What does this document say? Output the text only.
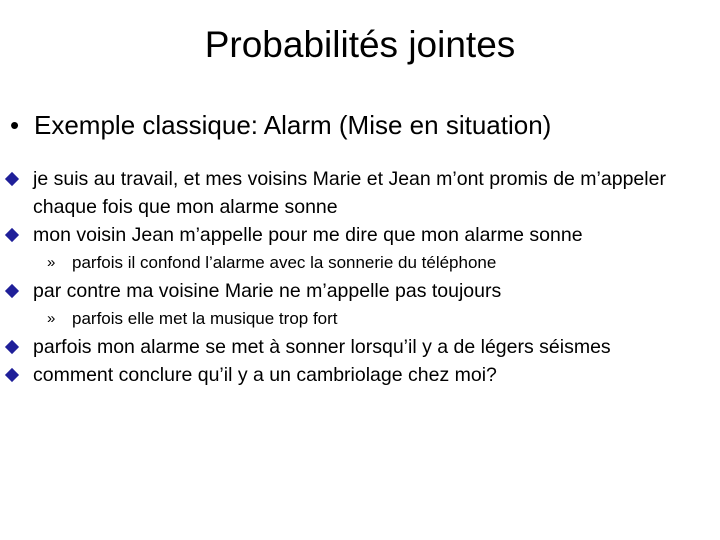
Probabilités jointes
• Exemple classique: Alarm (Mise en situation)
je suis au travail, et mes voisins Marie et Jean m’ont promis de m’appeler chaque fois que mon alarme sonne
mon voisin Jean m’appelle pour me dire que mon alarme sonne
» parfois il confond l’alarme avec la sonnerie du téléphone
par contre ma voisine Marie ne m’appelle pas toujours
» parfois elle met la musique trop fort
parfois mon alarme se met à sonner lorsqu’il y a de légers séismes
comment conclure qu’il y a un cambriolage chez moi?
